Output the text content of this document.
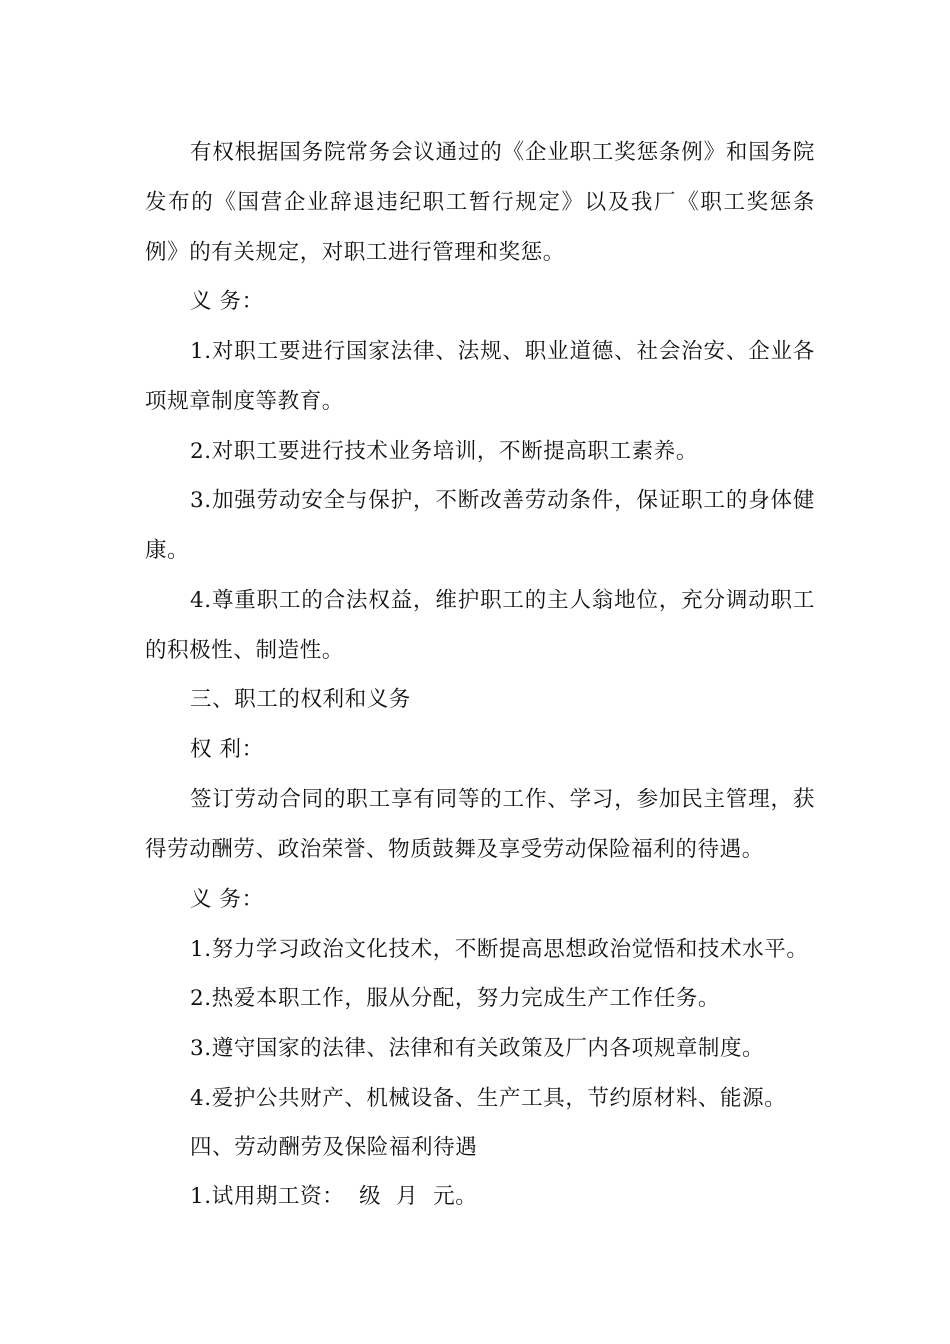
有权根据国务院常务会议通过的《企业职工奖惩条例》和国务院发布的《国营企业辞退违纪职工暂行规定》以及我厂《职工奖惩条例》的有关规定，对职工进行管理和奖惩。

义 务：

1.对职工要进行国家法律、法规、职业道德、社会治安、企业各项规章制度等教育。

2.对职工要进行技术业务培训，不断提高职工素养。

3.加强劳动安全与保护，不断改善劳动条件，保证职工的身体健康。

4.尊重职工的合法权益，维护职工的主人翁地位，充分调动职工的积极性、制造性。

三、职工的权利和义务

权 利：

签订劳动合同的职工享有同等的工作、学习，参加民主管理，获得劳动酬劳、政治荣誉、物质鼓舞及享受劳动保险福利的待遇。

义 务：

1.努力学习政治文化技术，不断提高思想政治觉悟和技术水平。

2.热爱本职工作，服从分配，努力完成生产工作任务。

3.遵守国家的法律、法律和有关政策及厂内各项规章制度。

4.爱护公共财产、机械设备、生产工具，节约原材料、能源。

四、劳动酬劳及保险福利待遇

1.试用期工资：  级  月  元。
